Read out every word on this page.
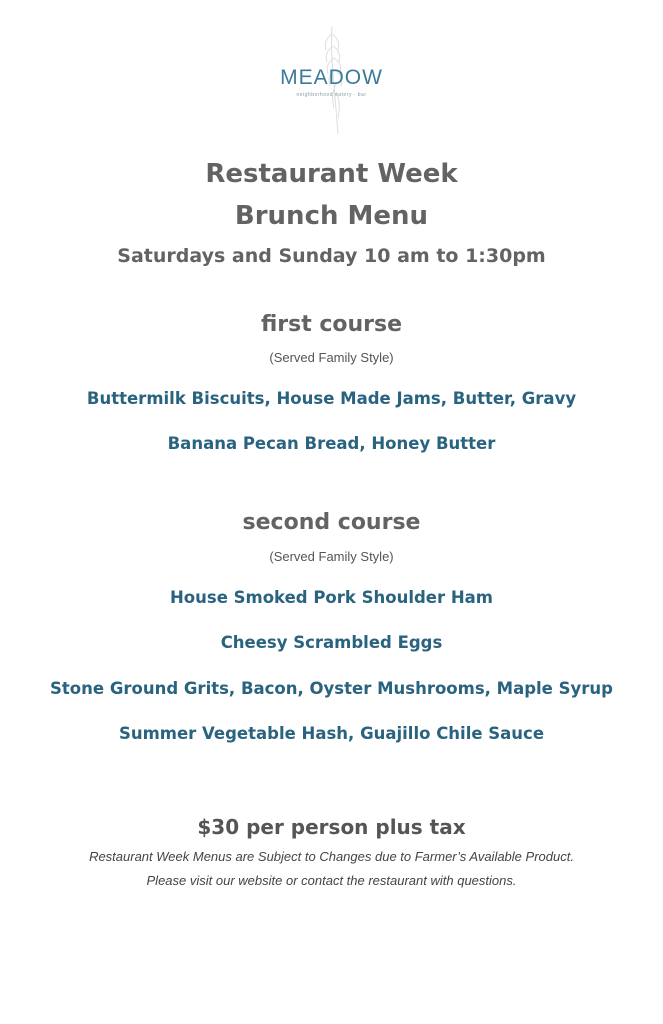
MEADOW
neighborhood eatery · bar
Restaurant Week
Brunch Menu
Saturdays and Sunday 10 am to 1:30pm
first course
(Served Family Style)
Buttermilk Biscuits, House Made Jams, Butter, Gravy
Banana Pecan Bread, Honey Butter
second course
(Served Family Style)
House Smoked Pork Shoulder Ham
Cheesy Scrambled Eggs
Stone Ground Grits, Bacon, Oyster Mushrooms, Maple Syrup
Summer Vegetable Hash, Guajillo Chile Sauce
$30 per person plus tax
Restaurant Week Menus are Subject to Changes due to Farmer’s Available Product.
Please visit our website or contact the restaurant with questions.
